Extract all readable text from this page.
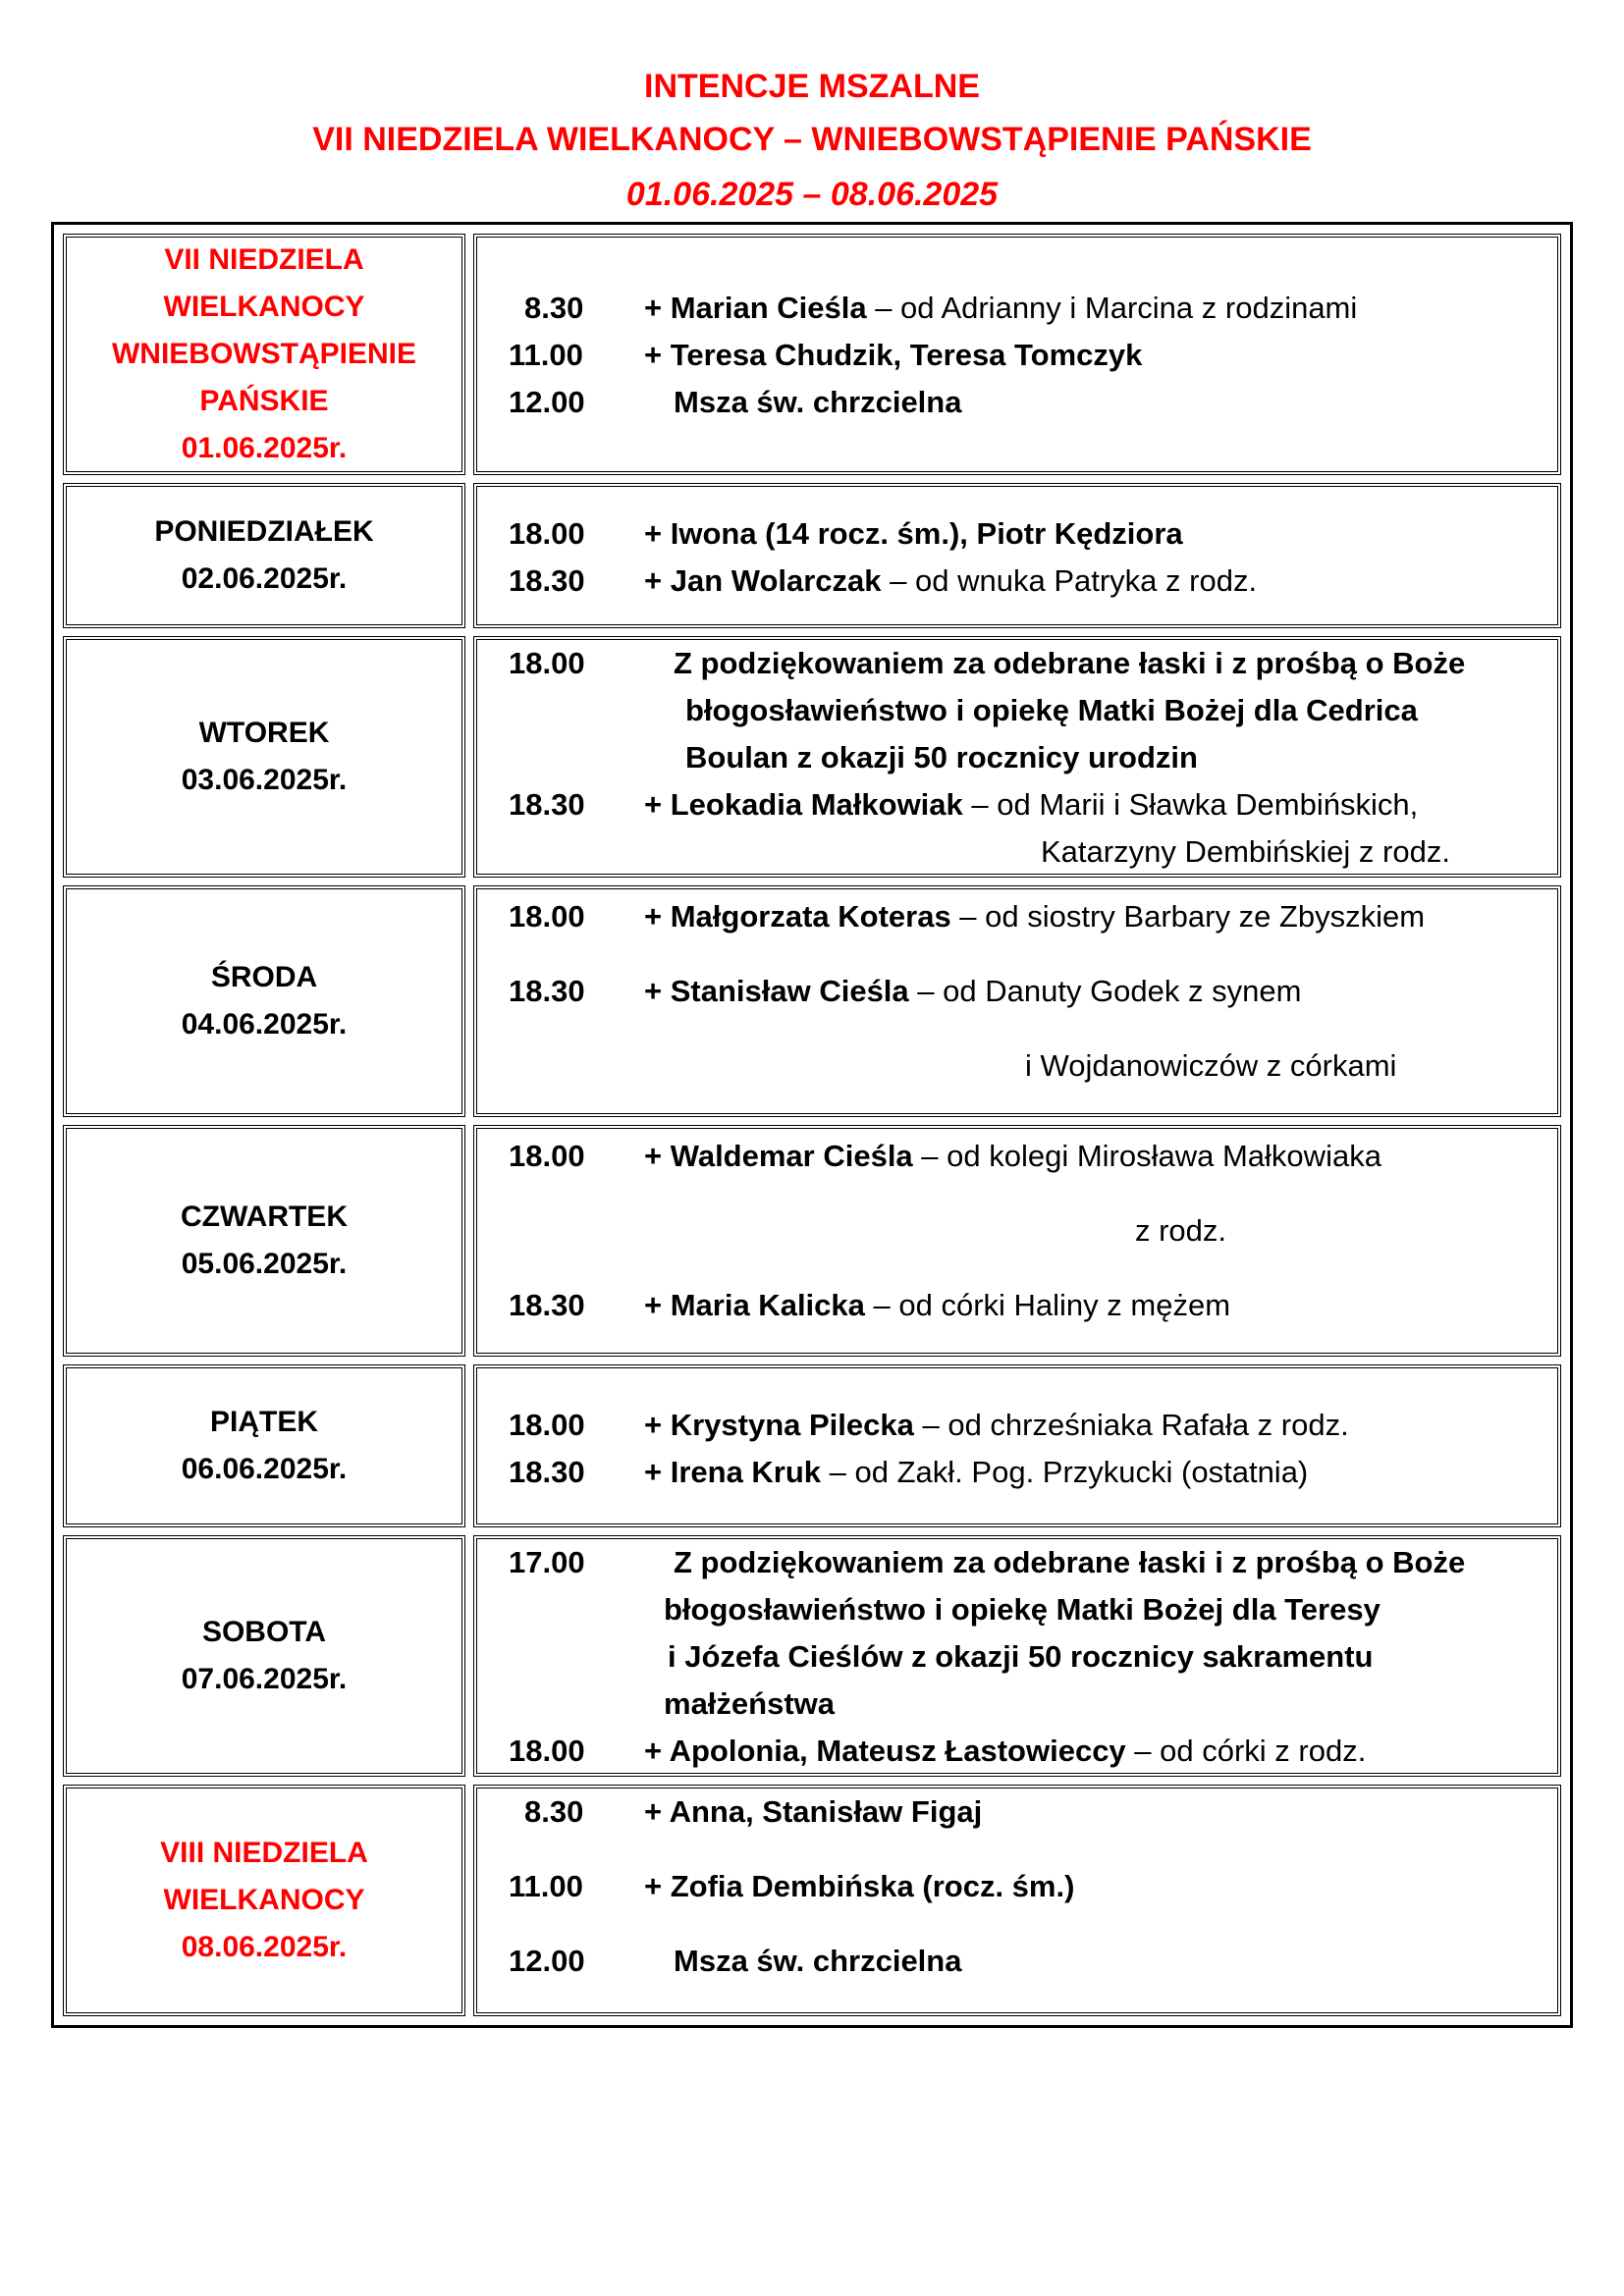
INTENCJE MSZALNE
VII NIEDZIELA WIELKANOCY – WNIEBOWSTĄPIENIE PAŃSKIE
01.06.2025 – 08.06.2025
VII NIEDZIELA
WIELKANOCY
WNIEBOWSTĄPIENIE
PAŃSKIE
01.06.2025r.
8.30 + Marian Cieśla – od Adrianny i Marcina z rodzinami
11.00 + Teresa Chudzik, Teresa Tomczyk
12.00	Msza św. chrzcielna
PONIEDZIAŁEK
02.06.2025r.
18.00 + Iwona (14 rocz. śm.), Piotr Kędziora
18.30 + Jan Wolarczak – od wnuka Patryka z rodz.
WTOREK
03.06.2025r.
18.00	Z podziękowaniem za odebrane łaski i z prośbą o Boże
błogosławieństwo i opiekę Matki Bożej dla Cedrica
Boulan z okazji 50 rocznicy urodzin
18.30 + Leokadia Małkowiak – od Marii i Sławka Dembińskich,
Katarzyny Dembińskiej z rodz.
ŚRODA
04.06.2025r.
18.00 + Małgorzata Koteras – od siostry Barbary ze Zbyszkiem
18.30 + Stanisław Cieśla – od Danuty Godek z synem
i Wojdanowiczów z córkami
CZWARTEK
05.06.2025r.
18.00 + Waldemar Cieśla – od kolegi Mirosława Małkowiaka
z rodz.
18.30 + Maria Kalicka – od córki Haliny z mężem
PIĄTEK
06.06.2025r.
18.00 + Krystyna Pilecka – od chrześniaka Rafała z rodz.
18.30 + Irena Kruk – od Zakł. Pog. Przykucki (ostatnia)
SOBOTA
07.06.2025r.
17.00	Z podziękowaniem za odebrane łaski i z prośbą o Boże
błogosławieństwo i opiekę Matki Bożej dla Teresy
i Józefa Cieślów z okazji 50 rocznicy sakramentu
małżeństwa
18.00 + Apolonia, Mateusz Łastowieccy – od córki z rodz.
VIII NIEDZIELA
WIELKANOCY
08.06.2025r.
8.30 + Anna, Stanisław Figaj
11.00 + Zofia Dembińska (rocz. śm.)
12.00	Msza św. chrzcielna
